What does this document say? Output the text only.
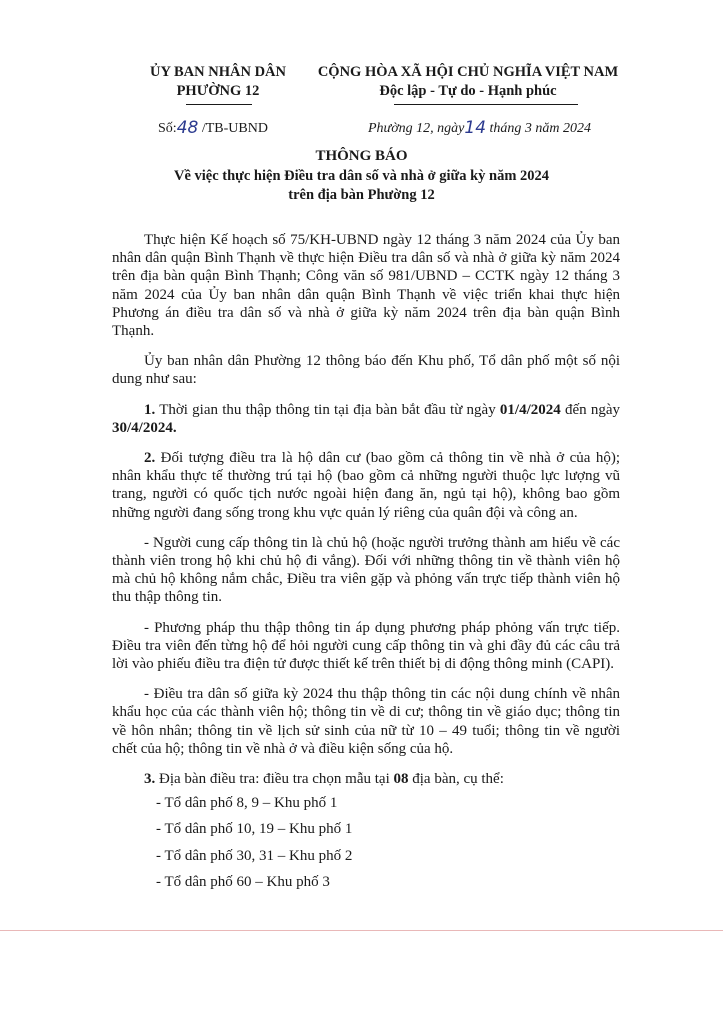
ỦY BAN NHÂN DÂN
PHƯỜNG 12
CỘNG HÒA XÃ HỘI CHỦ NGHĨA VIỆT NAM
Độc lập - Tự do - Hạnh phúc
Số:48 /TB-UBND	Phường 12, ngày14 tháng 3 năm 2024
THÔNG BÁO
Về việc thực hiện Điều tra dân số và nhà ở giữa kỳ năm 2024
trên địa bàn Phường 12

Thực hiện Kế hoạch số 75/KH-UBND ngày 12 tháng 3 năm 2024 của Ủy ban nhân dân quận Bình Thạnh về thực hiện Điều tra dân số và nhà ở giữa kỳ năm 2024 trên địa bàn quận Bình Thạnh; Công văn số 981/UBND – CCTK ngày 12 tháng 3 năm 2024 của Ủy ban nhân dân quận Bình Thạnh về việc triển khai thực hiện Phương án điều tra dân số và nhà ở giữa kỳ năm 2024 trên địa bàn quận Bình Thạnh.

Ủy ban nhân dân Phường 12 thông báo đến Khu phố, Tổ dân phố một số nội dung như sau:

1. Thời gian thu thập thông tin tại địa bàn bắt đầu từ ngày 01/4/2024 đến ngày 30/4/2024.

2. Đối tượng điều tra là hộ dân cư (bao gồm cả thông tin về nhà ở của hộ); nhân khẩu thực tế thường trú tại hộ (bao gồm cả những người thuộc lực lượng vũ trang, người có quốc tịch nước ngoài hiện đang ăn, ngủ tại hộ), không bao gồm những người đang sống trong khu vực quản lý riêng của quân đội và công an.

- Người cung cấp thông tin là chủ hộ (hoặc người trưởng thành am hiểu về các thành viên trong hộ khi chủ hộ đi vắng). Đối với những thông tin về thành viên hộ mà chủ hộ không nắm chắc, Điều tra viên gặp và phỏng vấn trực tiếp thành viên hộ thu thập thông tin.

- Phương pháp thu thập thông tin áp dụng phương pháp phỏng vấn trực tiếp. Điều tra viên đến từng hộ để hỏi người cung cấp thông tin và ghi đầy đủ các câu trả lời vào phiếu điều tra điện tử được thiết kế trên thiết bị di động thông minh (CAPI).

- Điều tra dân số giữa kỳ 2024 thu thập thông tin các nội dung chính về nhân khẩu học của các thành viên hộ; thông tin về di cư; thông tin về giáo dục; thông tin về hôn nhân; thông tin về lịch sử sinh của nữ từ 10 – 49 tuổi; thông tin về người chết của hộ; thông tin về nhà ở và điều kiện sống của hộ.

3. Địa bàn điều tra: điều tra chọn mẫu tại 08 địa bàn, cụ thể:

- Tổ dân phố 8, 9 – Khu phố 1

- Tổ dân phố 10, 19 – Khu phố 1

- Tổ dân phố 30, 31 – Khu phố 2

- Tổ dân phố 60 – Khu phố 3
